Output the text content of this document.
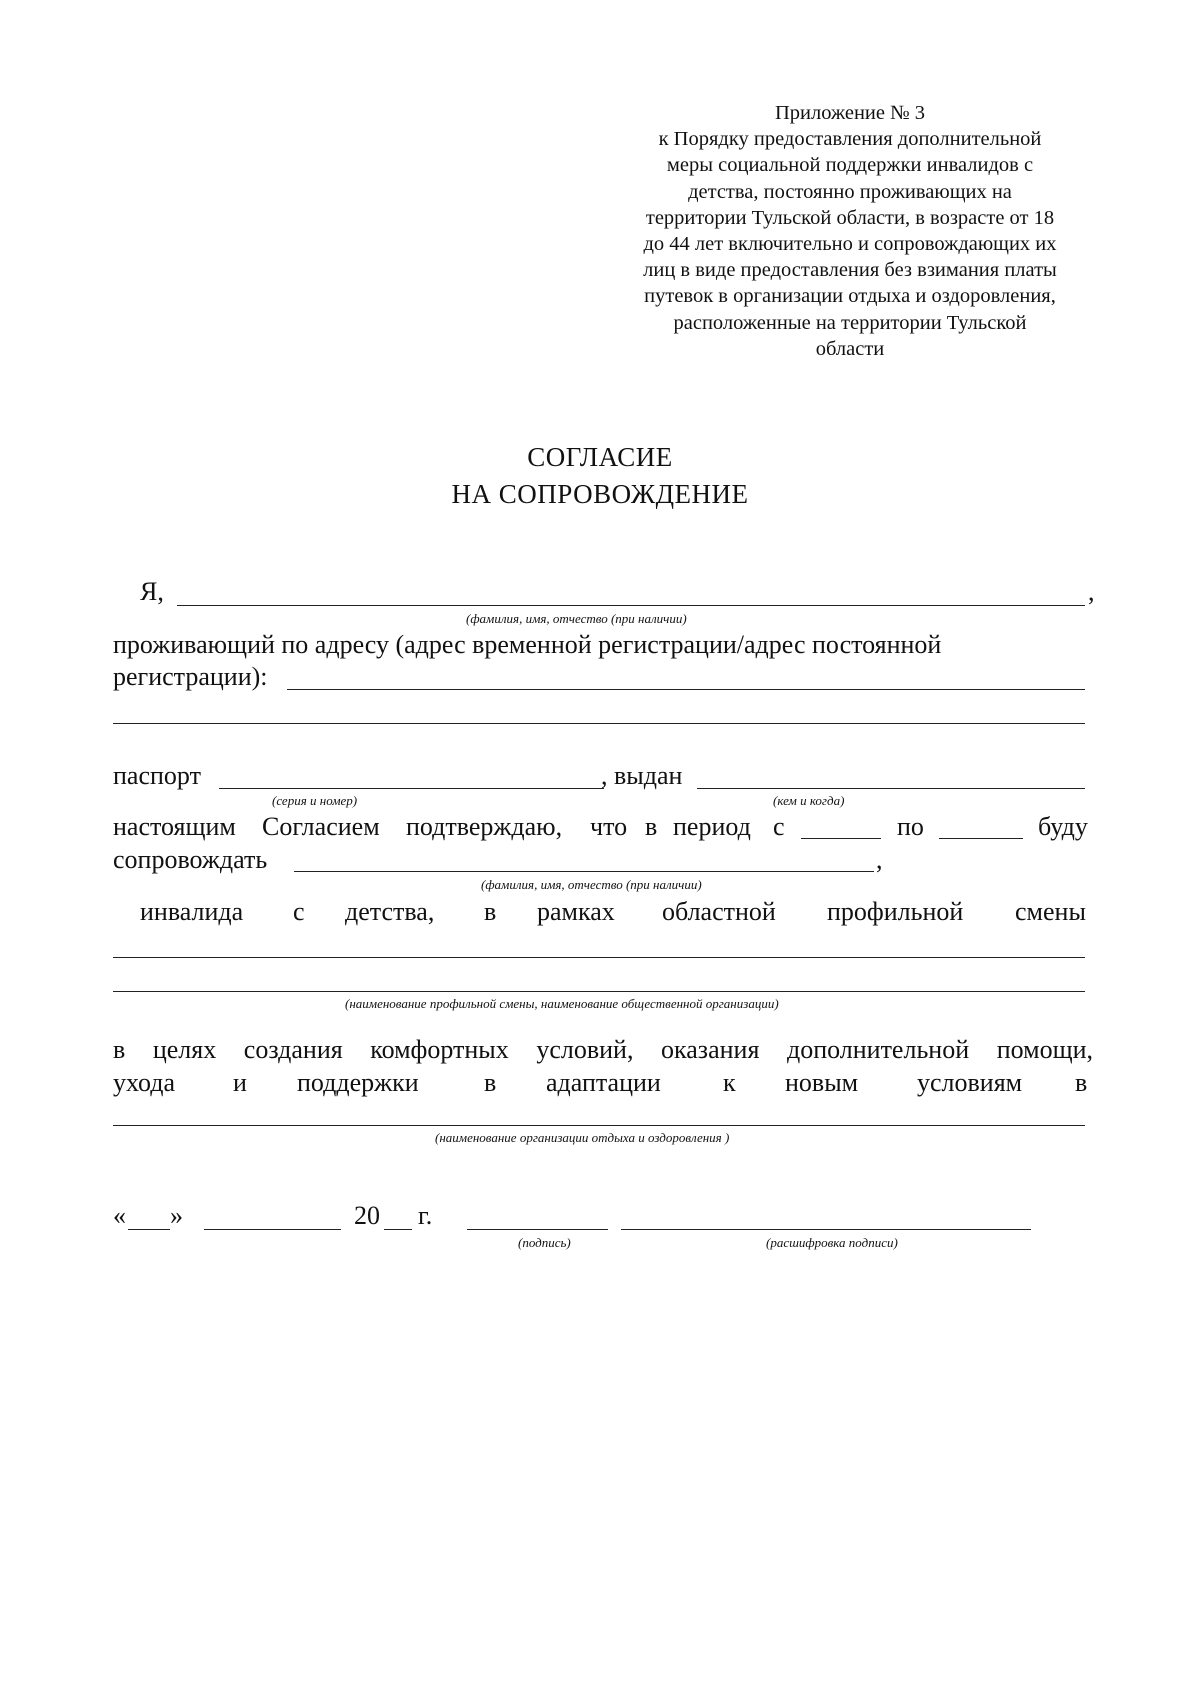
Приложение № 3
к Порядку предоставления дополнительной
меры социальной поддержки инвалидов с
детства, постоянно проживающих на
территории Тульской области, в возрасте от 18
до 44 лет включительно и сопровождающих их
лиц в виде предоставления без взимания платы
путевок в организации отдыха и оздоровления,
расположенные на территории Тульской
области
СОГЛАСИЕ
НА СОПРОВОЖДЕНИЕ
Я,	,
(фамилия, имя, отчество (при наличии)
проживающий по адресу (адрес временной регистрации/адрес постоянной
регистрации):
паспорт	, выдан
(серия и номер)	(кем и когда)
настоящим Согласием подтверждаю, что в период с	по	буду
сопровождать	,
(фамилия, имя, отчество (при наличии)
инвалида с детства, в рамках областной профильной смены
(наименование профильной смены, наименование общественной организации)
в целях создания комфортных условий, оказания дополнительной помощи,
ухода и поддержки	в адаптации к новым условиям в
(наименование организации отдыха и оздоровления )
« »	20 г.
(подпись)	(расшифровка подписи)
